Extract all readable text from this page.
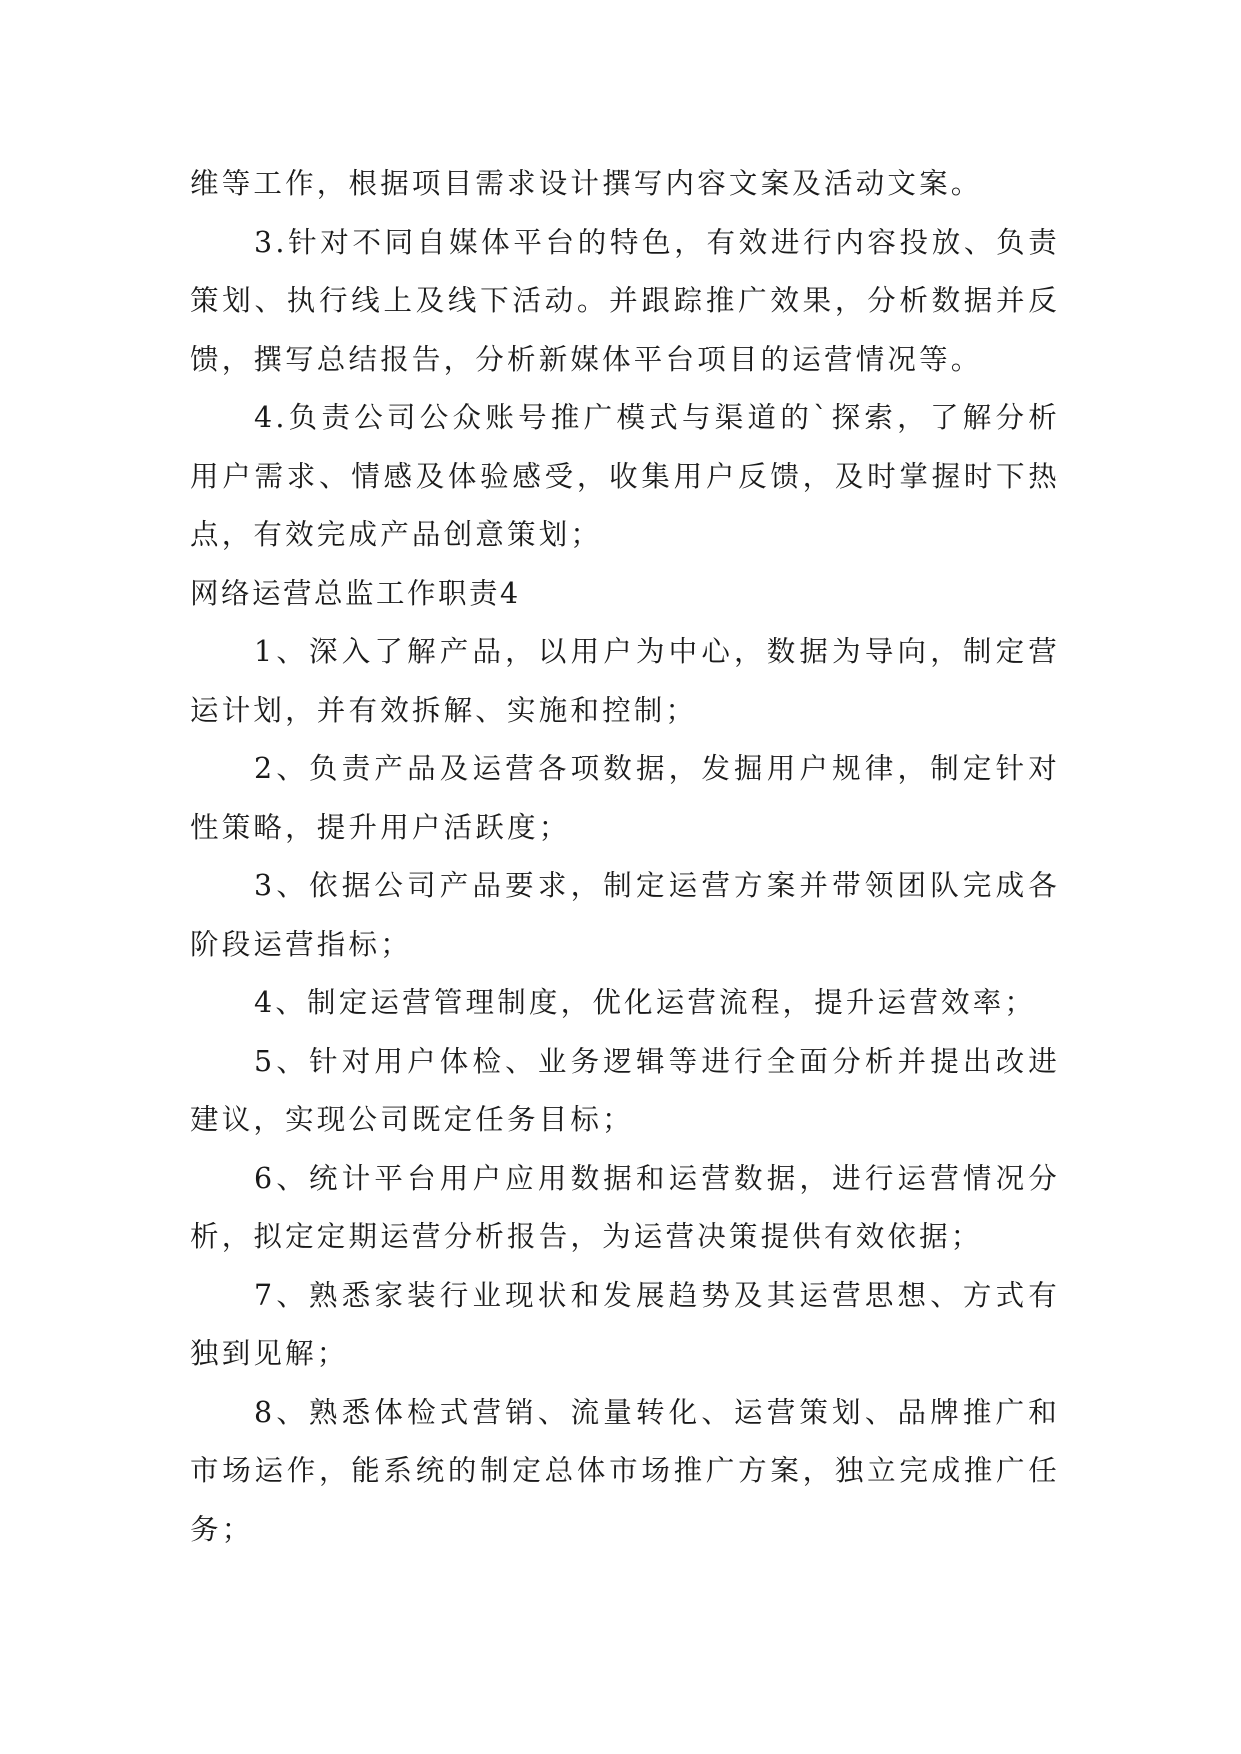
维等工作，根据项目需求设计撰写内容文案及活动文案。

3.针对不同自媒体平台的特色，有效进行内容投放、负责策划、执行线上及线下活动。并跟踪推广效果，分析数据并反馈，撰写总结报告，分析新媒体平台项目的运营情况等。

4.负责公司公众账号推广模式与渠道的`探索，了解分析用户需求、情感及体验感受，收集用户反馈，及时掌握时下热点，有效完成产品创意策划；

网络运营总监工作职责4

1、深入了解产品，以用户为中心，数据为导向，制定营运计划，并有效拆解、实施和控制；

2、负责产品及运营各项数据，发掘用户规律，制定针对性策略，提升用户活跃度；

3、依据公司产品要求，制定运营方案并带领团队完成各阶段运营指标；

4、制定运营管理制度，优化运营流程，提升运营效率；

5、针对用户体检、业务逻辑等进行全面分析并提出改进建议，实现公司既定任务目标；

6、统计平台用户应用数据和运营数据，进行运营情况分析，拟定定期运营分析报告，为运营决策提供有效依据；

7、熟悉家装行业现状和发展趋势及其运营思想、方式有独到见解；

8、熟悉体检式营销、流量转化、运营策划、品牌推广和市场运作，能系统的制定总体市场推广方案，独立完成推广任务；
